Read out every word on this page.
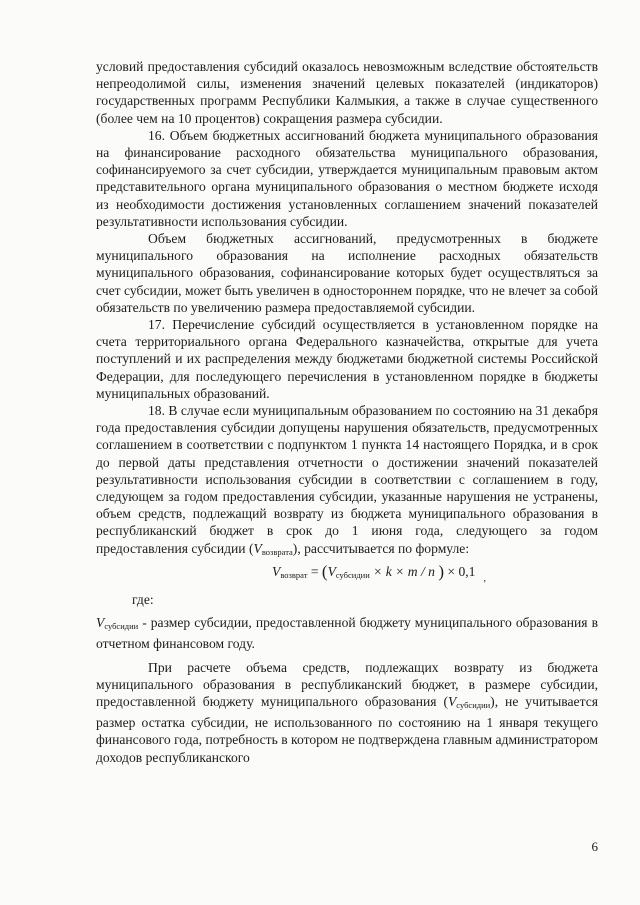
условий предоставления субсидий оказалось невозможным вследствие обстоятельств непреодолимой силы, изменения значений целевых показателей (индикаторов) государственных программ Республики Калмыкия, а также в случае существенного (более чем на 10 процентов) сокращения размера субсидии.

16. Объем бюджетных ассигнований бюджета муниципального образования на финансирование расходного обязательства муниципального образования, софинансируемого за счет субсидии, утверждается муниципальным правовым актом представительного органа муниципального образования о местном бюджете исходя из необходимости достижения установленных соглашением значений показателей результативности использования субсидии.

Объем бюджетных ассигнований, предусмотренных в бюджете муниципального образования на исполнение расходных обязательств муниципального образования, софинансирование которых будет осуществляться за счет субсидии, может быть увеличен в одностороннем порядке, что не влечет за собой обязательств по увеличению размера предоставляемой субсидии.

17. Перечисление субсидий осуществляется в установленном порядке на счета территориального органа Федерального казначейства, открытые для учета поступлений и их распределения между бюджетами бюджетной системы Российской Федерации, для последующего перечисления в установленном порядке в бюджеты муниципальных образований.

18. В случае если муниципальным образованием по состоянию на 31 декабря года предоставления субсидии допущены нарушения обязательств, предусмотренных соглашением в соответствии с подпунктом 1 пункта 14 настоящего Порядка, и в срок до первой даты представления отчетности о достижении значений показателей результативности использования субсидии в соответствии с соглашением в году, следующем за годом предоставления субсидии, указанные нарушения не устранены, объем средств, подлежащий возврату из бюджета муниципального образования в республиканский бюджет в срок до 1 июня года, следующего за годом

предоставления субсидии $(V_{возврата})$, рассчитывается по формуле:

$V_{возврат} = (V_{субсидии} \times k \times m / n$ ) × 0,1 $_,$

где:

$V_{субсидии}$ - размер субсидии, предоставленной бюджету муниципального образования в отчетном финансовом году.

При расчете объема средств, подлежащих возврату из бюджета муниципального образования в республиканский бюджет, в размере субсидии, предоставленной бюджету муниципального образования $(V_{субсидии})$, не учитывается размер остатка субсидии, не использованного по состоянию на 1 января текущего финансового года, потребность в котором не подтверждена главным администратором доходов республиканского

6
